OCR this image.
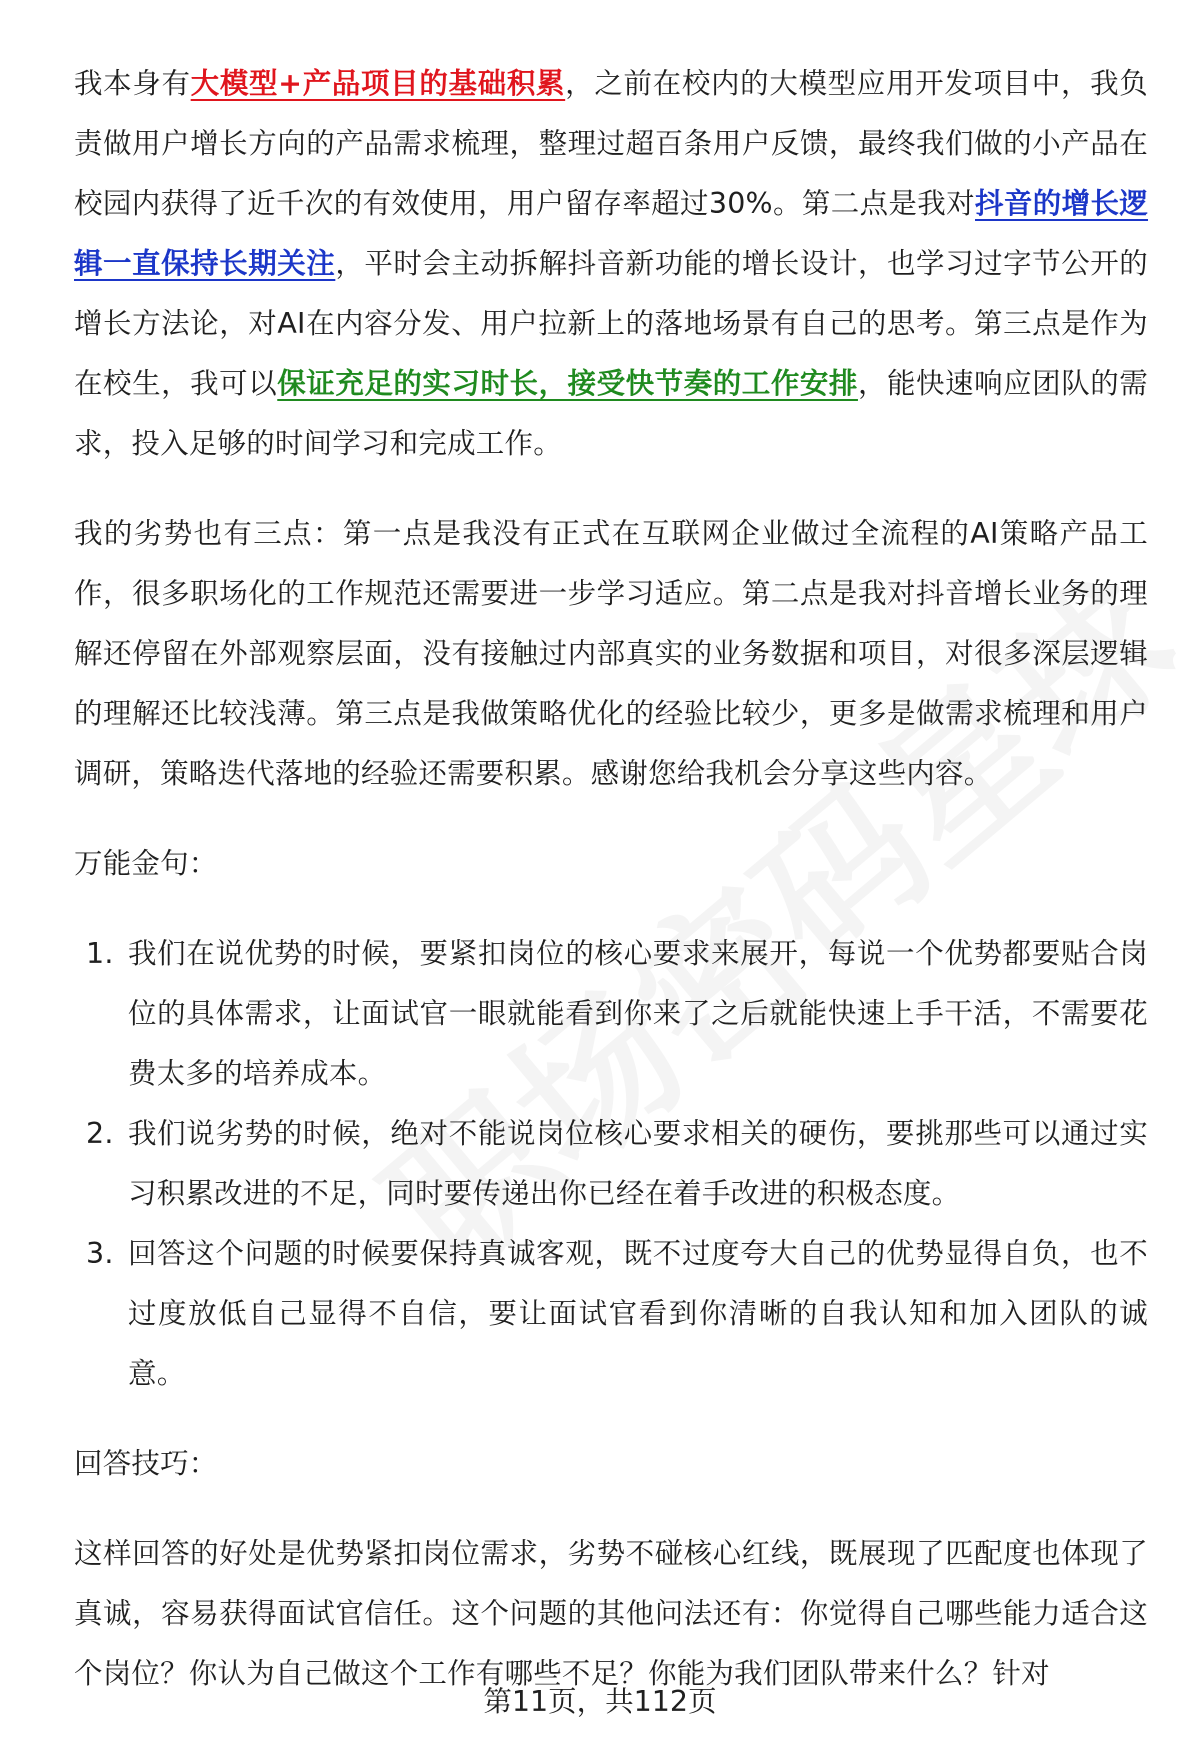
我本身有大模型+产品项目的基础积累，之前在校内的大模型应用开发项目中，我负责做用户增长方向的产品需求梳理，整理过超百条用户反馈，最终我们做的小产品在校园内获得了近千次的有效使用，用户留存率超过30%。第二点是我对抖音的增长逻辑一直保持长期关注，平时会主动拆解抖音新功能的增长设计，也学习过字节公开的增长方法论，对AI在内容分发、用户拉新上的落地场景有自己的思考。第三点是作为在校生，我可以保证充足的实习时长，接受快节奏的工作安排，能快速响应团队的需求，投入足够的时间学习和完成工作。

我的劣势也有三点：第一点是我没有正式在互联网企业做过全流程的AI策略产品工作，很多职场化的工作规范还需要进一步学习适应。第二点是我对抖音增长业务的理解还停留在外部观察层面，没有接触过内部真实的业务数据和项目，对很多深层逻辑的理解还比较浅薄。第三点是我做策略优化的经验比较少，更多是做需求梳理和用户调研，策略迭代落地的经验还需要积累。感谢您给我机会分享这些内容。

万能金句：

1. 我们在说优势的时候，要紧扣岗位的核心要求来展开，每说一个优势都要贴合岗位的具体需求，让面试官一眼就能看到你来了之后就能快速上手干活，不需要花费太多的培养成本。
2. 我们说劣势的时候，绝对不能说岗位核心要求相关的硬伤，要挑那些可以通过实习积累改进的不足，同时要传递出你已经在着手改进的积极态度。
3. 回答这个问题的时候要保持真诚客观，既不过度夸大自己的优势显得自负，也不过度放低自己显得不自信，要让面试官看到你清晰的自我认知和加入团队的诚意。

回答技巧：

这样回答的好处是优势紧扣岗位需求，劣势不碰核心红线，既展现了匹配度也体现了真诚，容易获得面试官信任。这个问题的其他问法还有：你觉得自己哪些能力适合这个岗位？你认为自己做这个工作有哪些不足？你能为我们团队带来什么？针对

第11页，共112页
